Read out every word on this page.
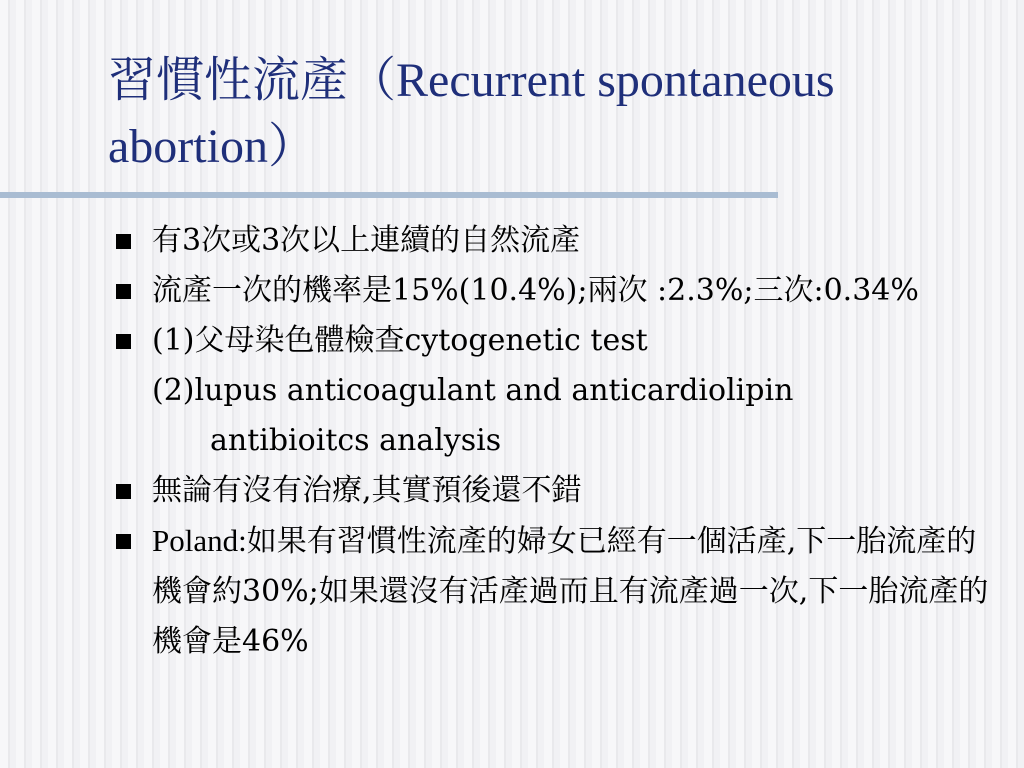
習慣性流產（Recurrent spontaneous abortion）
有3次或3次以上連續的自然流產
流產一次的機率是15%(10.4%);兩次 :2.3%;三次:0.34%
(1)父母染色體檢查cytogenetic test
(2)lupus anticoagulant and anticardiolipin
antibioitcs analysis
無論有沒有治療,其實預後還不錯
Poland:如果有習慣性流產的婦女已經有一個活產,下一胎流產的機會約30%;如果還沒有活產過而且有流產過一次,下一胎流產的機會是46%
